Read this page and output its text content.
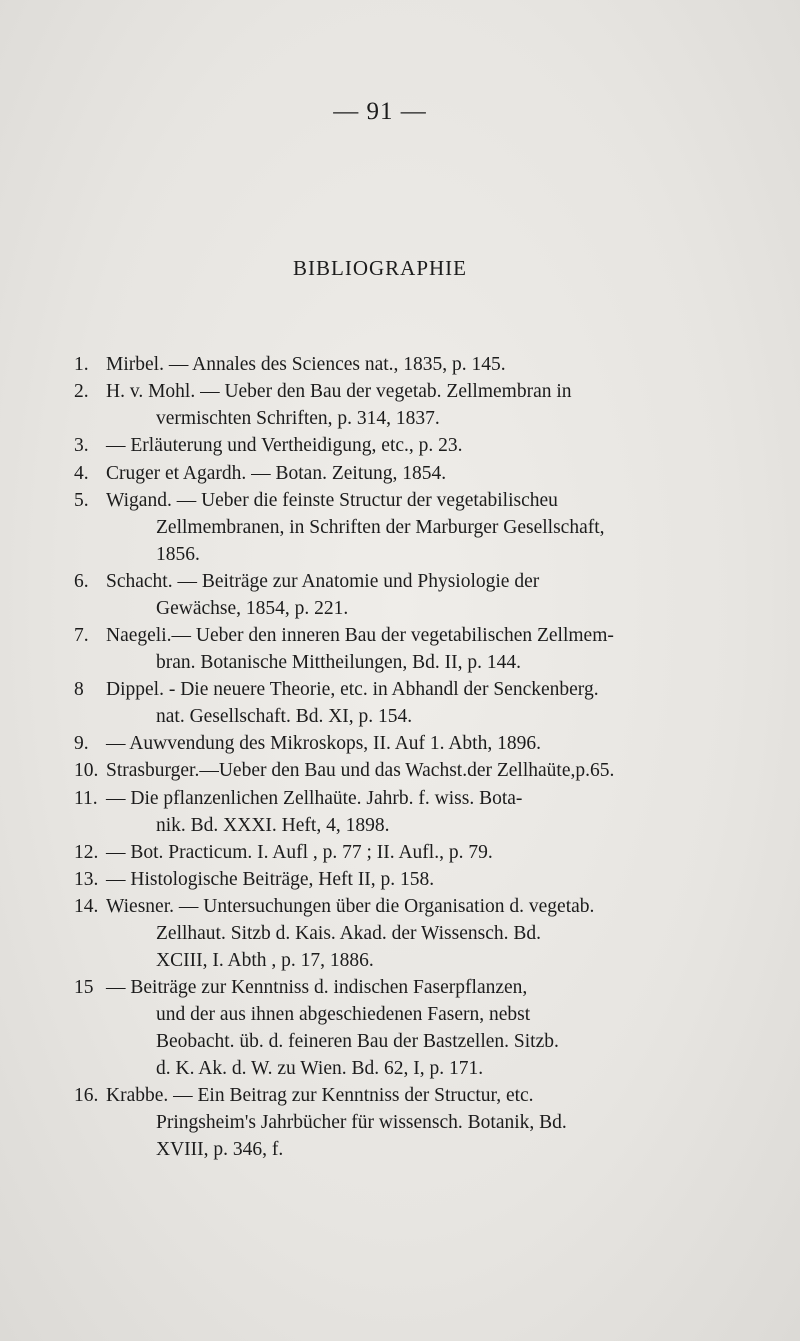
— 91 —
BIBLIOGRAPHIE
1. Mirbel. — Annales des Sciences nat., 1835, p. 145.
2. H. v. Mohl. — Ueber den Bau der vegetab. Zellmembran in
vermischten Schriften, p. 314, 1837.
3. — Erläuterung und Vertheidigung, etc., p. 23.
4. Cruger et Agardh. — Botan. Zeitung, 1854.
5. Wigand. — Ueber die feinste Structur der vegetabilischeu
Zellmembranen, in Schriften der Marburger Gesellschaft,
1856.
6. Schacht. — Beiträge zur Anatomie und Physiologie der
Gewächse, 1854, p. 221.
7. Naegeli.— Ueber den inneren Bau der vegetabilischen Zellmem-
bran. Botanische Mittheilungen, Bd. II, p. 144.
8 Dippel. - Die neuere Theorie, etc. in Abhandl der Senckenberg.
nat. Gesellschaft. Bd. XI, p. 154.
9. — Auwvendung des Mikroskops, II. Auf 1. Abth, 1896.
10. Strasburger.—Ueber den Bau und das Wachst.der Zellhaüte,p.65.
11. — Die pflanzenlichen Zellhaüte. Jahrb. f. wiss. Bota-
nik. Bd. XXXI. Heft, 4, 1898.
12. — Bot. Practicum. I. Aufl , p. 77 ; II. Aufl., p. 79.
13. — Histologische Beiträge, Heft II, p. 158.
14. Wiesner. — Untersuchungen über die Organisation d. vegetab.
Zellhaut. Sitzb d. Kais. Akad. der Wissensch. Bd.
XCIII, I. Abth , p. 17, 1886.
15 — Beiträge zur Kenntniss d. indischen Faserpflanzen,
und der aus ihnen abgeschiedenen Fasern, nebst
Beobacht. üb. d. feineren Bau der Bastzellen. Sitzb.
d. K. Ak. d. W. zu Wien. Bd. 62, I, p. 171.
16. Krabbe. — Ein Beitrag zur Kenntniss der Structur, etc.
Pringsheim's Jahrbücher für wissensch. Botanik, Bd.
XVIII, p. 346, f.
